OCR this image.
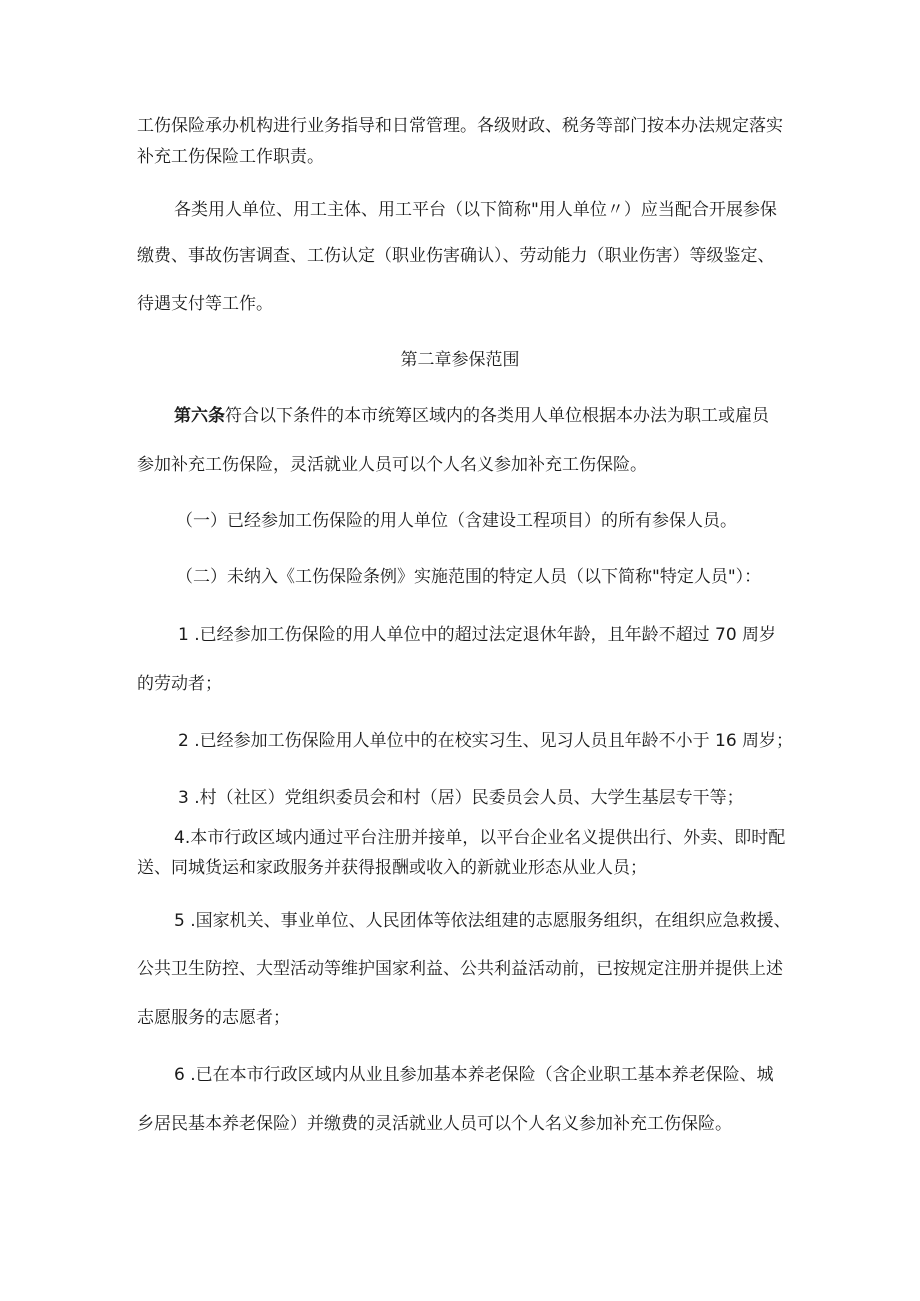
工伤保险承办机构进行业务指导和日常管理。各级财政、税务等部门按本办法规定落实
补充工伤保险工作职责。
各类用人单位、用工主体、用工平台（以下简称"用人单位〃）应当配合开展参保
缴费、事故伤害调查、工伤认定（职业伤害确认）、劳动能力（职业伤害）等级鉴定、
待遇支付等工作。
第二章参保范围
第六条符合以下条件的本市统筹区域内的各类用人单位根据本办法为职工或雇员
参加补充工伤保险，灵活就业人员可以个人名义参加补充工伤保险。
（一）已经参加工伤保险的用人单位（含建设工程项目）的所有参保人员。
（二）未纳入《工伤保险条例》实施范围的特定人员（以下简称"特定人员"）：
1 .已经参加工伤保险的用人单位中的超过法定退休年龄，且年龄不超过 70 周岁
的劳动者；
2 .已经参加工伤保险用人单位中的在校实习生、见习人员且年龄不小于 16 周岁；
3 .村（社区）党组织委员会和村（居）民委员会人员、大学生基层专干等；
4.本市行政区域内通过平台注册并接单，以平台企业名义提供出行、外卖、即时配
送、同城货运和家政服务并获得报酬或收入的新就业形态从业人员；
5 .国家机关、事业单位、人民团体等依法组建的志愿服务组织，在组织应急救援、
公共卫生防控、大型活动等维护国家利益、公共利益活动前，已按规定注册并提供上述
志愿服务的志愿者；
6 .已在本市行政区域内从业且参加基本养老保险（含企业职工基本养老保险、城
乡居民基本养老保险）并缴费的灵活就业人员可以个人名义参加补充工伤保险。
